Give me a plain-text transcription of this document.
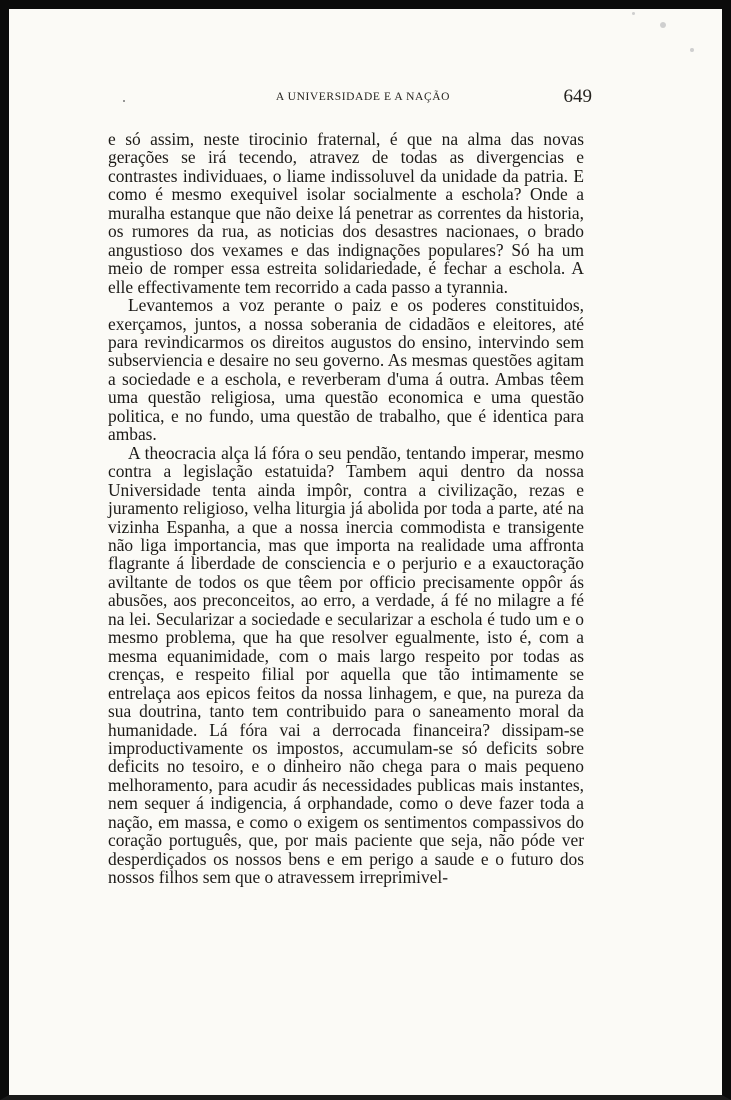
A UNIVERSIDADE E A NAÇÃO	649

e só assim, neste tirocinio fraternal, é que na alma das novas gerações se irá tecendo, atravez de todas as divergencias e contrastes individuaes, o liame indissoluvel da unidade da patria. E como é mesmo exequivel isolar socialmente a eschola? Onde a muralha estanque que não deixe lá penetrar as correntes da historia, os rumores da rua, as noticias dos desastres nacionaes, o brado angustioso dos vexames e das indignações populares? Só ha um meio de romper essa estreita solidariedade, é fechar a eschola. A elle effectivamente tem recorrido a cada passo a tyrannia.

Levantemos a voz perante o paiz e os poderes constituidos, exerçamos, juntos, a nossa soberania de cidadãos e eleitores, até para revindicarmos os direitos augustos do ensino, intervindo sem subserviencia e desaire no seu governo. As mesmas questões agitam a sociedade e a eschola, e reverberam d'uma á outra. Ambas têem uma questão religiosa, uma questão economica e uma questão politica, e no fundo, uma questão de trabalho, que é identica para ambas.

A theocracia alça lá fóra o seu pendão, tentando imperar, mesmo contra a legislação estatuida? Tambem aqui dentro da nossa Universidade tenta ainda impôr, contra a civilização, rezas e juramento religioso, velha liturgia já abolida por toda a parte, até na vizinha Espanha, a que a nossa inercia commodista e transigente não liga importancia, mas que importa na realidade uma affronta flagrante á liberdade de consciencia e o perjurio e a exauctoração aviltante de todos os que têem por officio precisamente oppôr ás abusões, aos preconceitos, ao erro, a verdade, á fé no milagre a fé na lei. Secularizar a sociedade e secularizar a eschola é tudo um e o mesmo problema, que ha que resolver egualmente, isto é, com a mesma equanimidade, com o mais largo respeito por todas as crenças, e respeito filial por aquella que tão intimamente se entrelaça aos epicos feitos da nossa linhagem, e que, na pureza da sua doutrina, tanto tem contribuido para o saneamento moral da humanidade. Lá fóra vai a derrocada financeira? dissipam-se improductivamente os impostos, accumulam-se só deficits sobre deficits no tesoiro, e o dinheiro não chega para o mais pequeno melhoramento, para acudir ás necessidades publicas mais instantes, nem sequer á indigencia, á orphandade, como o deve fazer toda a nação, em massa, e como o exigem os sentimentos compassivos do coração português, que, por mais paciente que seja, não póde ver desperdiçados os nossos bens e em perigo a saude e o futuro dos nossos filhos sem que o atravessem irreprimivel-
